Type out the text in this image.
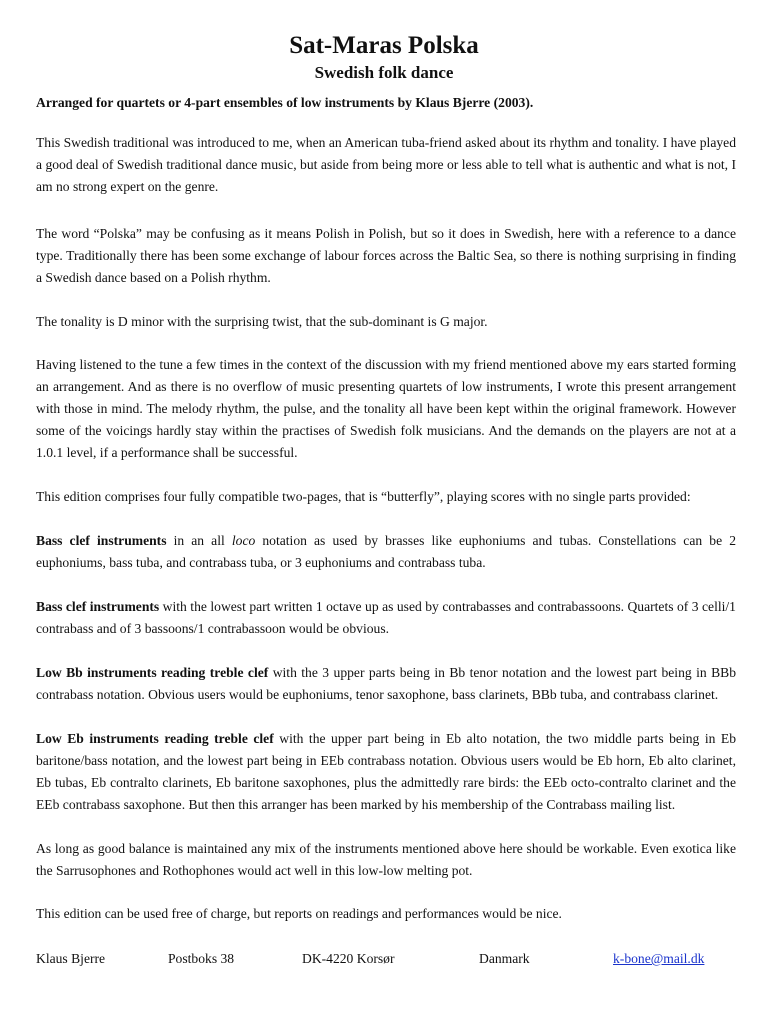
Sat-Maras Polska
Swedish folk dance

Arranged for quartets or 4-part ensembles of low instruments by Klaus Bjerre (2003).

This Swedish traditional was introduced to me, when an American tuba-friend asked about its rhythm and tonality. I have played a good deal of Swedish traditional dance music, but aside from being more or less able to tell what is authentic and what is not, I am no strong expert on the genre.

The word “Polska” may be confusing as it means Polish in Polish, but so it does in Swedish, here with a reference to a dance type. Traditionally there has been some exchange of labour forces across the Baltic Sea, so there is nothing surprising in finding a Swedish dance based on a Polish rhythm.

The tonality is D minor with the surprising twist, that the sub-dominant is G major.

Having listened to the tune a few times in the context of the discussion with my friend mentioned above my ears started forming an arrangement. And as there is no overflow of music presenting quartets of low instruments, I wrote this present arrangement with those in mind. The melody rhythm, the pulse, and the tonality all have been kept within the original framework. However some of the voicings hardly stay within the practises of Swedish folk musicians. And the demands on the players are not at a 1.0.1 level, if a performance shall be successful.

This edition comprises four fully compatible two-pages, that is “butterfly”, playing scores with no single parts provided:

Bass clef instruments in an all loco notation as used by brasses like euphoniums and tubas. Constellations can be 2 euphoniums, bass tuba, and contrabass tuba, or 3 euphoniums and contrabass tuba.

Bass clef instruments with the lowest part written 1 octave up as used by contrabasses and contrabassoons. Quartets of 3 celli/1 contrabass and of 3 bassoons/1 contrabassoon would be obvious.

Low Bb instruments reading treble clef with the 3 upper parts being in Bb tenor notation and the lowest part being in BBb contrabass notation. Obvious users would be euphoniums, tenor saxophone, bass clarinets, BBb tuba, and contrabass clarinet.

Low Eb instruments reading treble clef with the upper part being in Eb alto notation, the two middle parts being in Eb baritone/bass notation, and the lowest part being in EEb contrabass notation. Obvious users would be Eb horn, Eb alto clarinet, Eb tubas, Eb contralto clarinets, Eb baritone saxophones, plus the admittedly rare birds: the EEb octo-contralto clarinet and the EEb contrabass saxophone. But then this arranger has been marked by his membership of the Contrabass mailing list.

As long as good balance is maintained any mix of the instruments mentioned above here should be workable. Even exotica like the Sarrusophones and Rothophones would act well in this low-low melting pot.

This edition can be used free of charge, but reports on readings and performances would be nice.

Klaus Bjerre	Postboks 38	DK-4220 Korsør	Danmark	k-bone@mail.dk
